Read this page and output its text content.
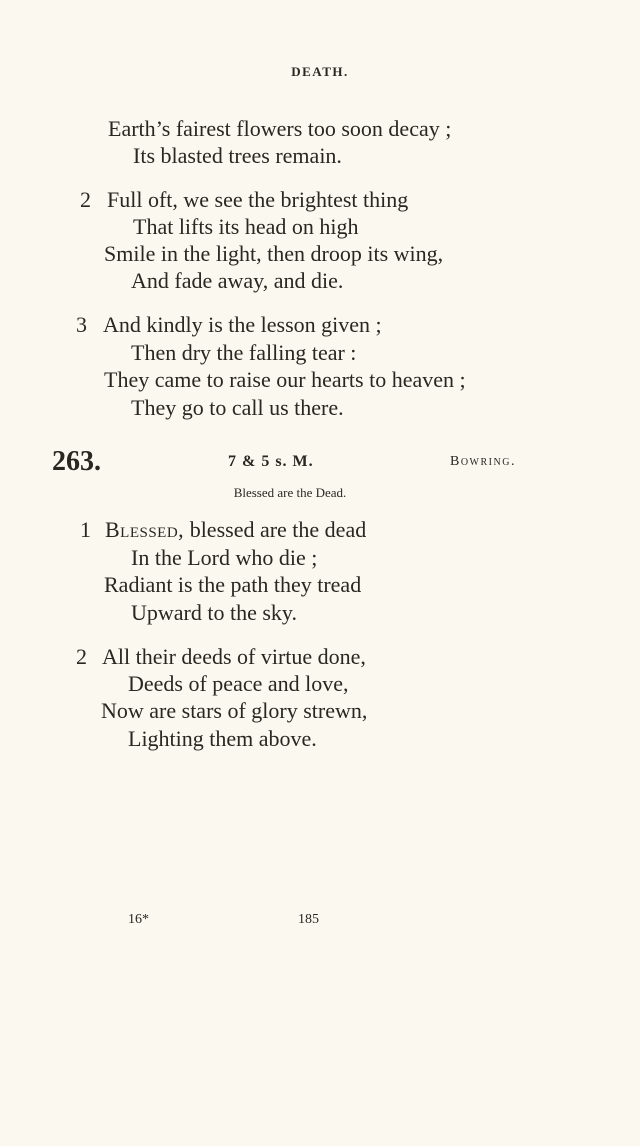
DEATH.
Earth’s fairest flowers too soon decay ;
Its blasted trees remain.
2 Full oft, we see the brightest thing
That lifts its head on high
Smile in the light, then droop its wing,
And fade away, and die.
3 And kindly is the lesson given ;
Then dry the falling tear :
They came to raise our hearts to heaven ;
They go to call us there.
263.	7 & 5 s. M.	Bowring.
Blessed are the Dead.
1 Blessed, blessed are the dead
In the Lord who die ;
Radiant is the path they tread
Upward to the sky.
2 All their deeds of virtue done,
Deeds of peace and love,
Now are stars of glory strewn,
Lighting them above.
16*	185
